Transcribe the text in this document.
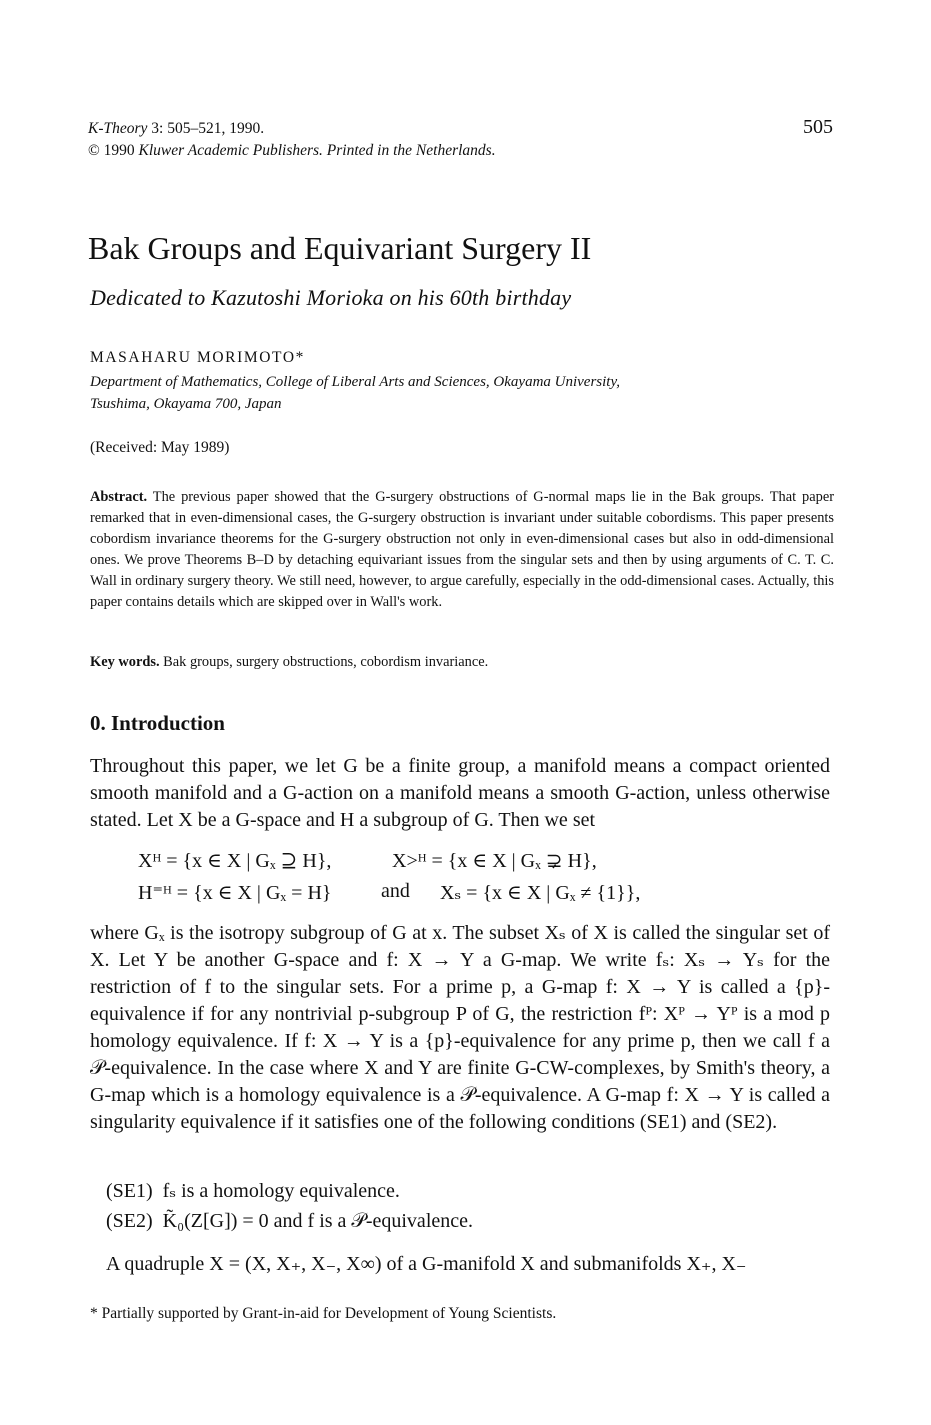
K-Theory 3: 505–521, 1990.
© 1990 Kluwer Academic Publishers. Printed in the Netherlands.
505
Bak Groups and Equivariant Surgery II
Dedicated to Kazutoshi Morioka on his 60th birthday
MASAHARU MORIMOTO*
Department of Mathematics, College of Liberal Arts and Sciences, Okayama University,
Tsushima, Okayama 700, Japan
(Received: May 1989)
Abstract. The previous paper showed that the G-surgery obstructions of G-normal maps lie in the Bak groups. That paper remarked that in even-dimensional cases, the G-surgery obstruction is invariant under suitable cobordisms. This paper presents cobordism invariance theorems for the G-surgery obstruction not only in even-dimensional cases but also in odd-dimensional ones. We prove Theorems B–D by detaching equivariant issues from the singular sets and then by using arguments of C. T. C. Wall in ordinary surgery theory. We still need, however, to argue carefully, especially in the odd-dimensional cases. Actually, this paper contains details which are skipped over in Wall's work.
Key words. Bak groups, surgery obstructions, cobordism invariance.
0. Introduction
Throughout this paper, we let G be a finite group, a manifold means a compact oriented smooth manifold and a G-action on a manifold means a smooth G-action, unless otherwise stated. Let X be a G-space and H a subgroup of G. Then we set
Xᴴ = {x ∈ X | Gₓ ⊇ H},	X>ᴴ = {x ∈ X | Gₓ ⊋ H},
H⁼ᴴ = {x ∈ X | Gₓ = H} and Xₛ = {x ∈ X | Gₓ ≠ {1}},
where Gₓ is the isotropy subgroup of G at x. The subset Xₛ of X is called the singular set of X. Let Y be another G-space and f: X → Y a G-map. We write fₛ: Xₛ → Yₛ for the restriction of f to the singular sets. For a prime p, a G-map f: X → Y is called a {p}-equivalence if for any nontrivial p-subgroup P of G, the restriction fᴾ: Xᴾ → Yᴾ is a mod p homology equivalence. If f: X → Y is a {p}-equivalence for any prime p, then we call f a 𝒫-equivalence. In the case where X and Y are finite G-CW-complexes, by Smith's theory, a G-map which is a homology equivalence is a 𝒫-equivalence. A G-map f: X → Y is called a singularity equivalence if it satisfies one of the following conditions (SE1) and (SE2).
(SE1) fₛ is a homology equivalence.
(SE2) K̃₀(Z[G]) = 0 and f is a 𝒫-equivalence.
A quadruple X = (X, X₊, X₋, X∞) of a G-manifold X and submanifolds X₊, X₋
* Partially supported by Grant-in-aid for Development of Young Scientists.
